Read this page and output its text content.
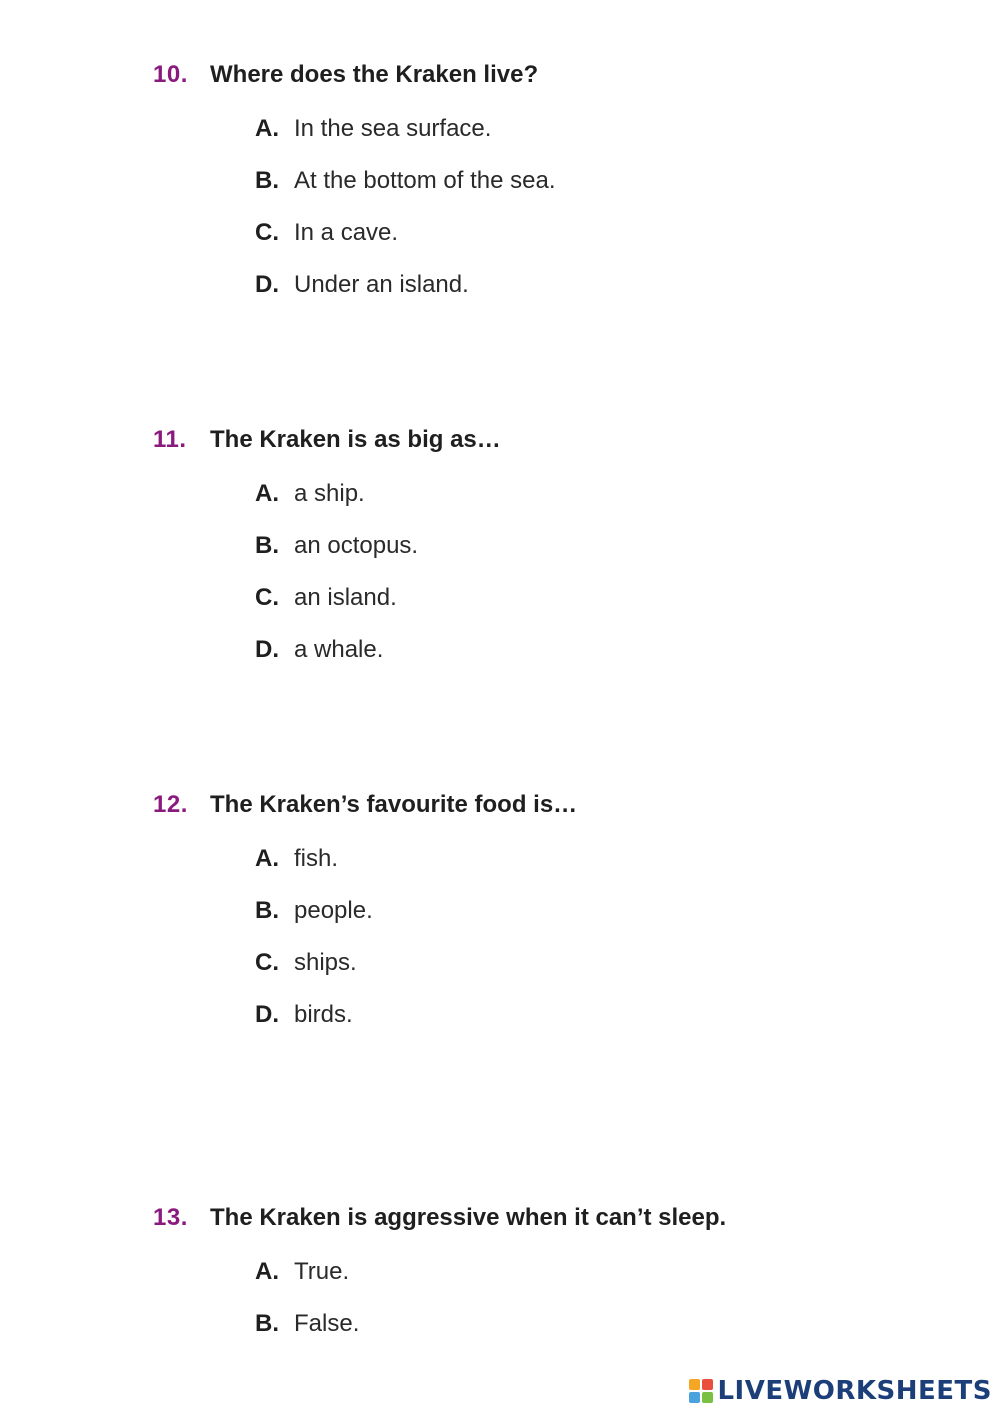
10. Where does the Kraken live?
A. In the sea surface.
B. At the bottom of the sea.
C. In a cave.
D. Under an island.
11. The Kraken is as big as…
A. a ship.
B. an octopus.
C. an island.
D. a whale.
12. The Kraken’s favourite food is…
A. fish.
B. people.
C. ships.
D. birds.
13. The Kraken is aggressive when it can’t sleep.
A. True.
B. False.
LIVEWORKSHEETS
